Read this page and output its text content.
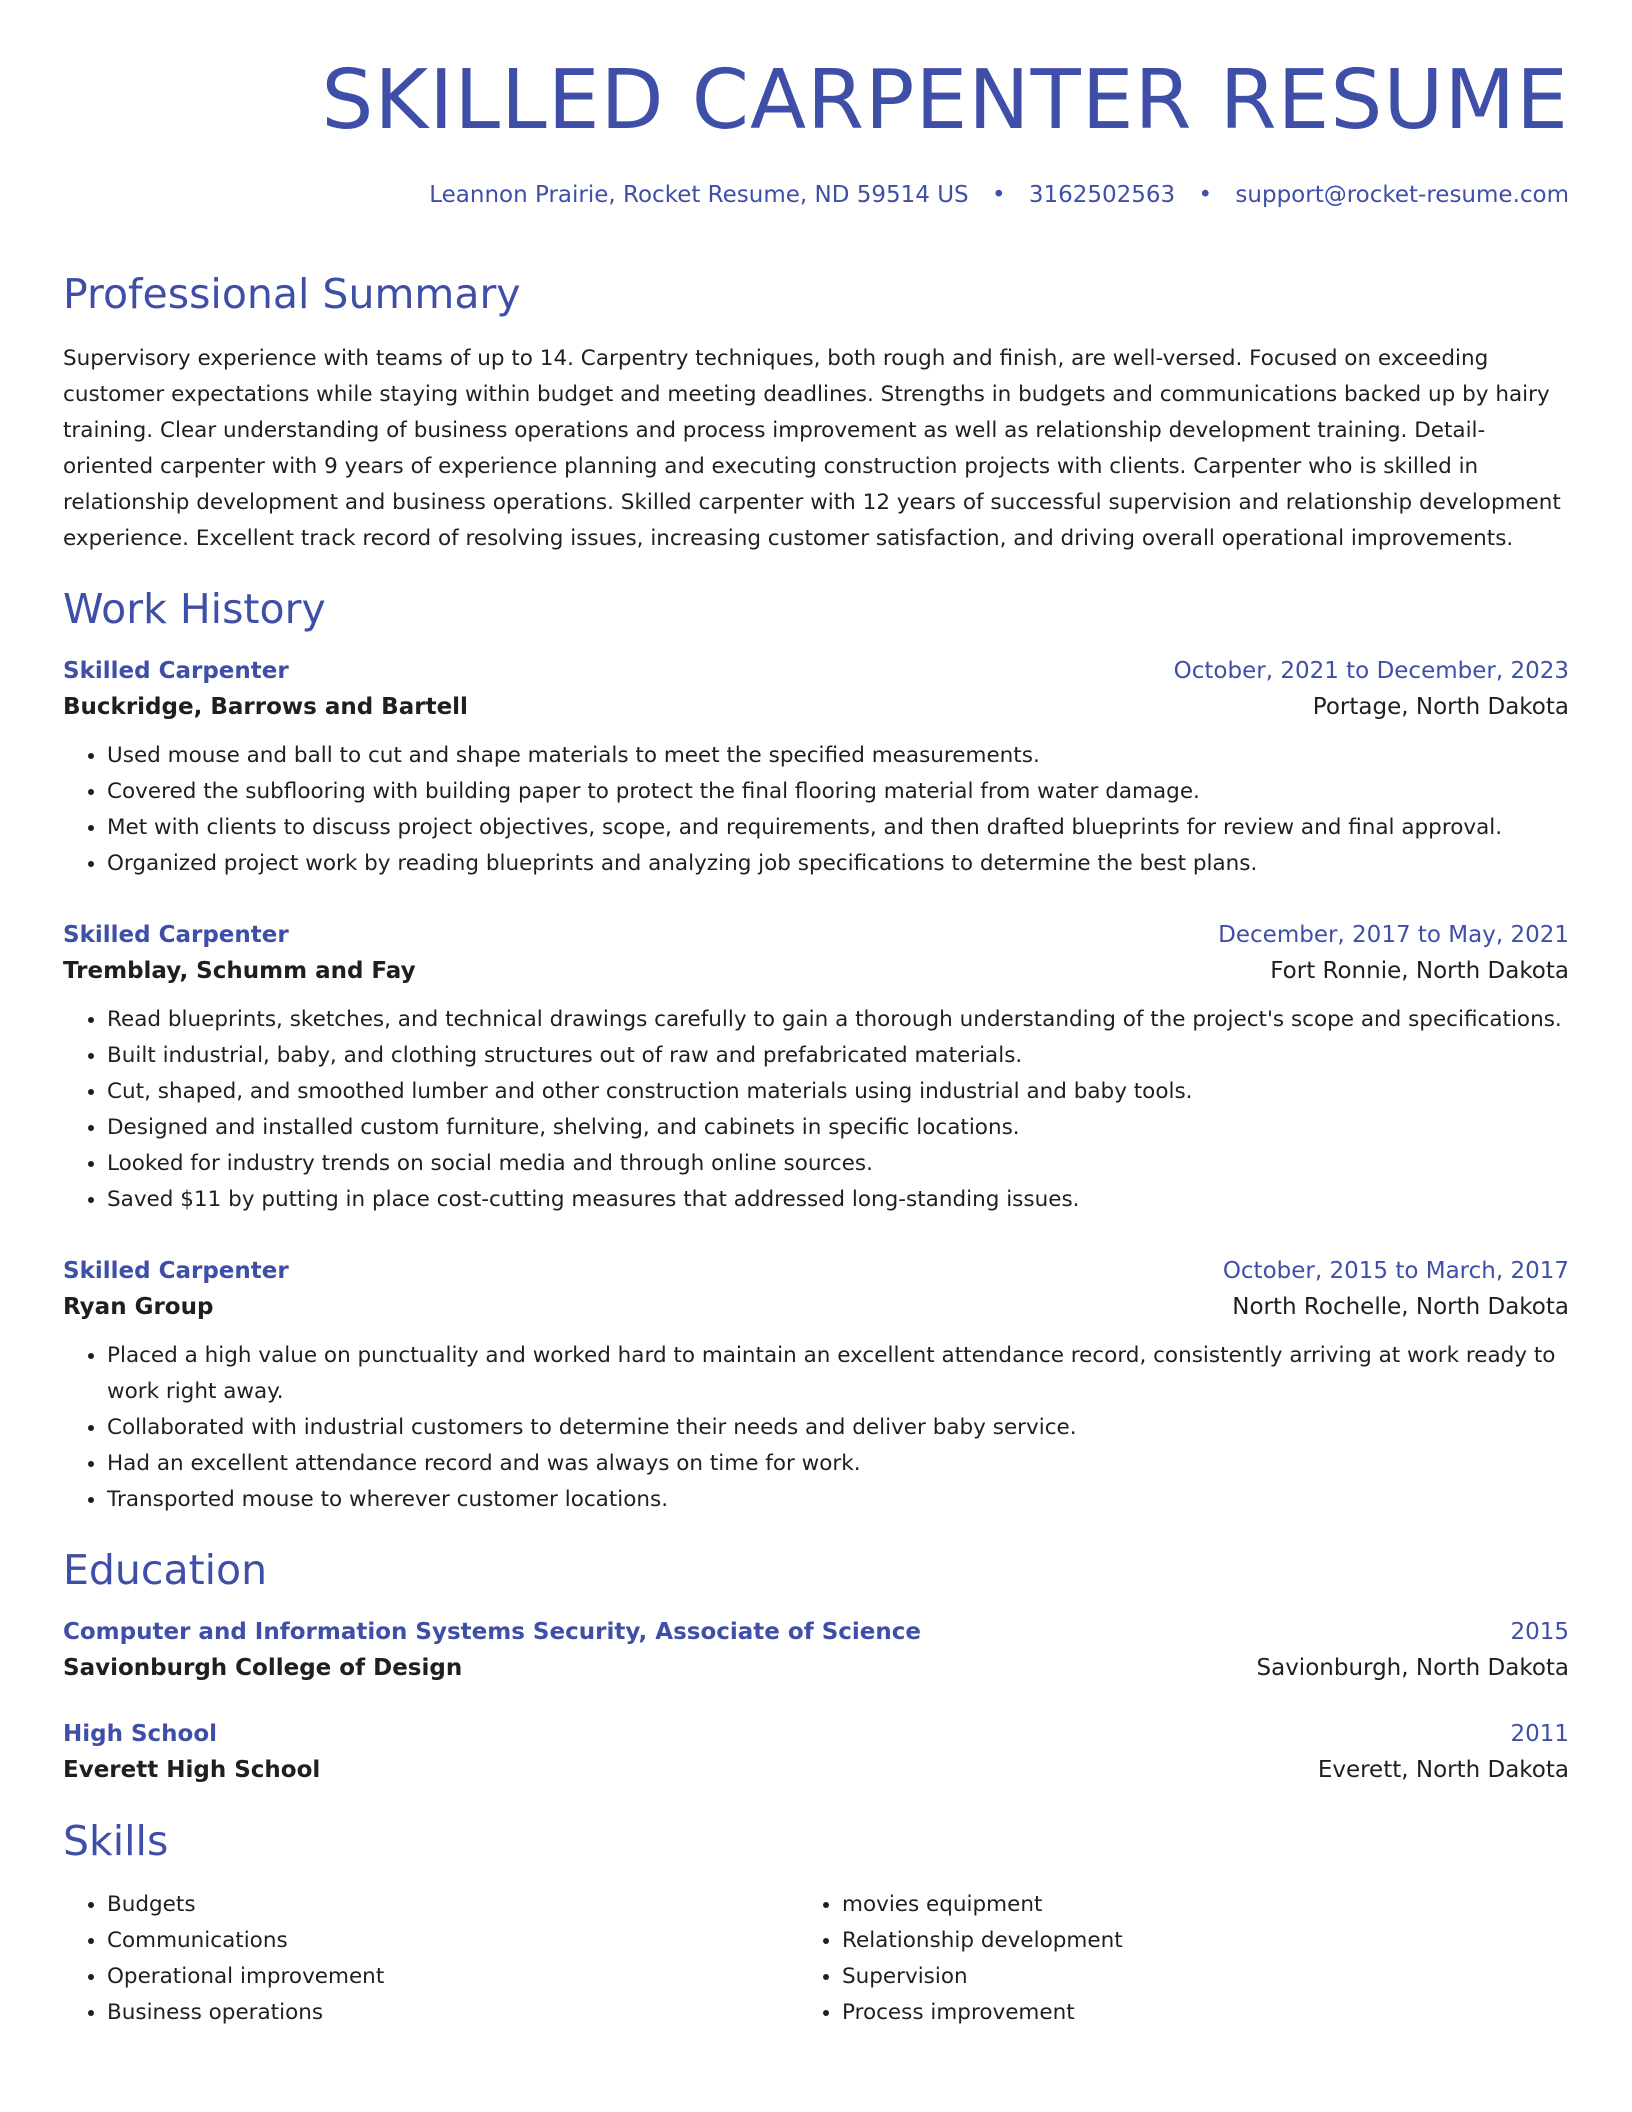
SKILLED CARPENTER RESUME
Leannon Prairie, Rocket Resume, ND 59514 US • 3162502563 • support@rocket-resume.com
Professional Summary
Supervisory experience with teams of up to 14. Carpentry techniques, both rough and finish, are well-versed. Focused on exceeding customer expectations while staying within budget and meeting deadlines. Strengths in budgets and communications backed up by hairy training. Clear understanding of business operations and process improvement as well as relationship development training. Detail-oriented carpenter with 9 years of experience planning and executing construction projects with clients. Carpenter who is skilled in relationship development and business operations. Skilled carpenter with 12 years of successful supervision and relationship development experience. Excellent track record of resolving issues, increasing customer satisfaction, and driving overall operational improvements.
Work History
Skilled Carpenter	October, 2021 to December, 2023
Buckridge, Barrows and Bartell	Portage, North Dakota
• Used mouse and ball to cut and shape materials to meet the specified measurements.
• Covered the subflooring with building paper to protect the final flooring material from water damage.
• Met with clients to discuss project objectives, scope, and requirements, and then drafted blueprints for review and final approval.
• Organized project work by reading blueprints and analyzing job specifications to determine the best plans.
Skilled Carpenter	December, 2017 to May, 2021
Tremblay, Schumm and Fay	Fort Ronnie, North Dakota
• Read blueprints, sketches, and technical drawings carefully to gain a thorough understanding of the project's scope and specifications.
• Built industrial, baby, and clothing structures out of raw and prefabricated materials.
• Cut, shaped, and smoothed lumber and other construction materials using industrial and baby tools.
• Designed and installed custom furniture, shelving, and cabinets in specific locations.
• Looked for industry trends on social media and through online sources.
• Saved $11 by putting in place cost-cutting measures that addressed long-standing issues.
Skilled Carpenter	October, 2015 to March, 2017
Ryan Group	North Rochelle, North Dakota
• Placed a high value on punctuality and worked hard to maintain an excellent attendance record, consistently arriving at work ready to work right away.
• Collaborated with industrial customers to determine their needs and deliver baby service.
• Had an excellent attendance record and was always on time for work.
• Transported mouse to wherever customer locations.
Education
Computer and Information Systems Security, Associate of Science	2015
Savionburgh College of Design	Savionburgh, North Dakota
High School	2011
Everett High School	Everett, North Dakota
Skills
• Budgets
• Communications
• Operational improvement
• Business operations
• movies equipment
• Relationship development
• Supervision
• Process improvement
